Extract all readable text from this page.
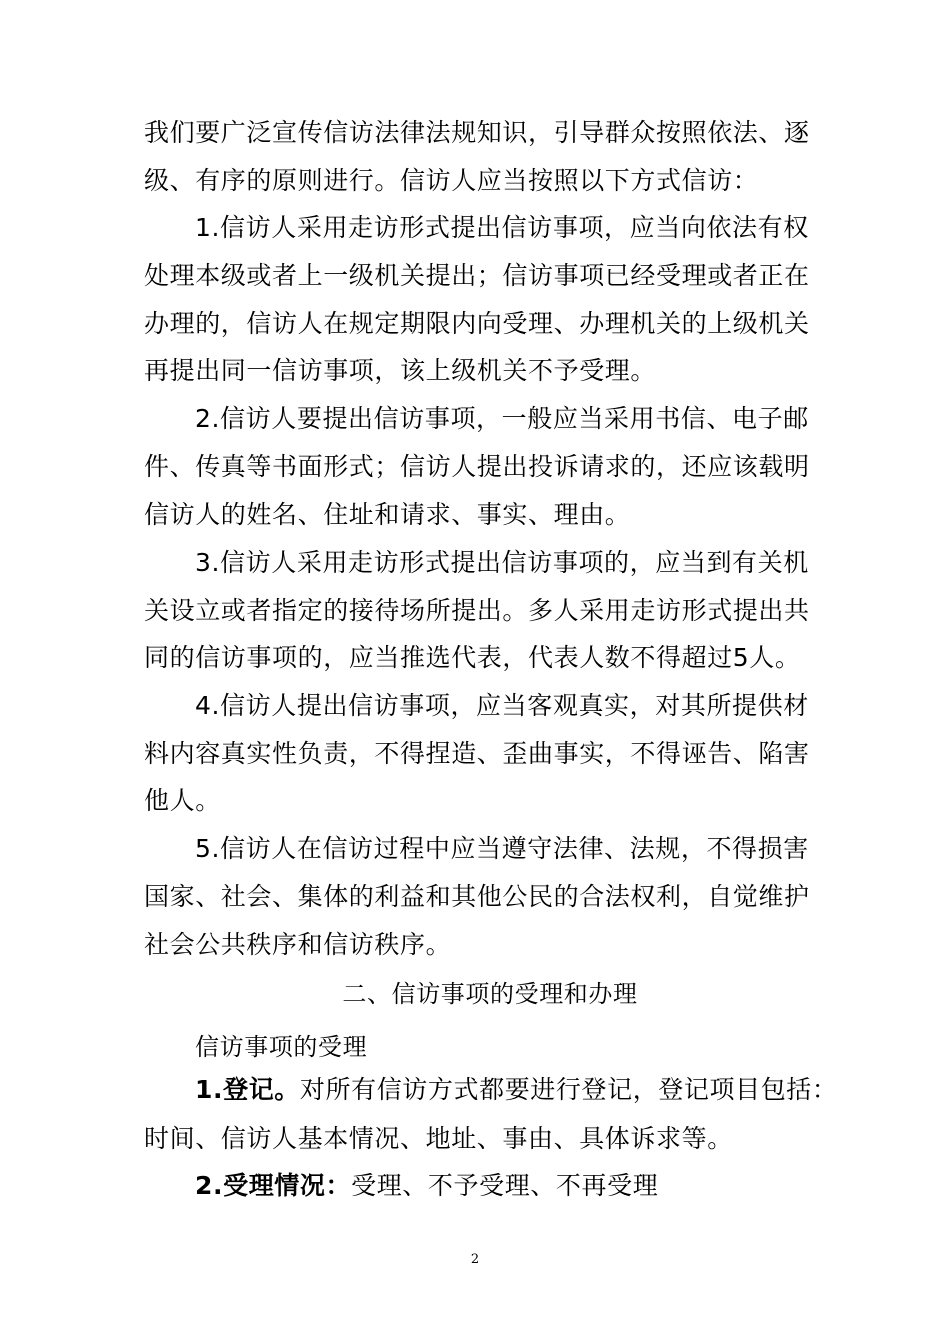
我们要广泛宣传信访法律法规知识，引导群众按照依法、逐
级、有序的原则进行。信访人应当按照以下方式信访：
1.信访人采用走访形式提出信访事项，应当向依法有权
处理本级或者上一级机关提出；信访事项已经受理或者正在
办理的，信访人在规定期限内向受理、办理机关的上级机关
再提出同一信访事项，该上级机关不予受理。
2.信访人要提出信访事项，一般应当采用书信、电子邮
件、传真等书面形式；信访人提出投诉请求的，还应该载明
信访人的姓名、住址和请求、事实、理由。
3.信访人采用走访形式提出信访事项的，应当到有关机
关设立或者指定的接待场所提出。多人采用走访形式提出共
同的信访事项的，应当推选代表，代表人数不得超过5人。
4.信访人提出信访事项，应当客观真实，对其所提供材
料内容真实性负责，不得捏造、歪曲事实，不得诬告、陷害
他人。
5.信访人在信访过程中应当遵守法律、法规，不得损害
国家、社会、集体的利益和其他公民的合法权利，自觉维护
社会公共秩序和信访秩序。
二、信访事项的受理和办理
信访事项的受理
1.登记。对所有信访方式都要进行登记，登记项目包括：
时间、信访人基本情况、地址、事由、具体诉求等。
2.受理情况：受理、不予受理、不再受理
2
